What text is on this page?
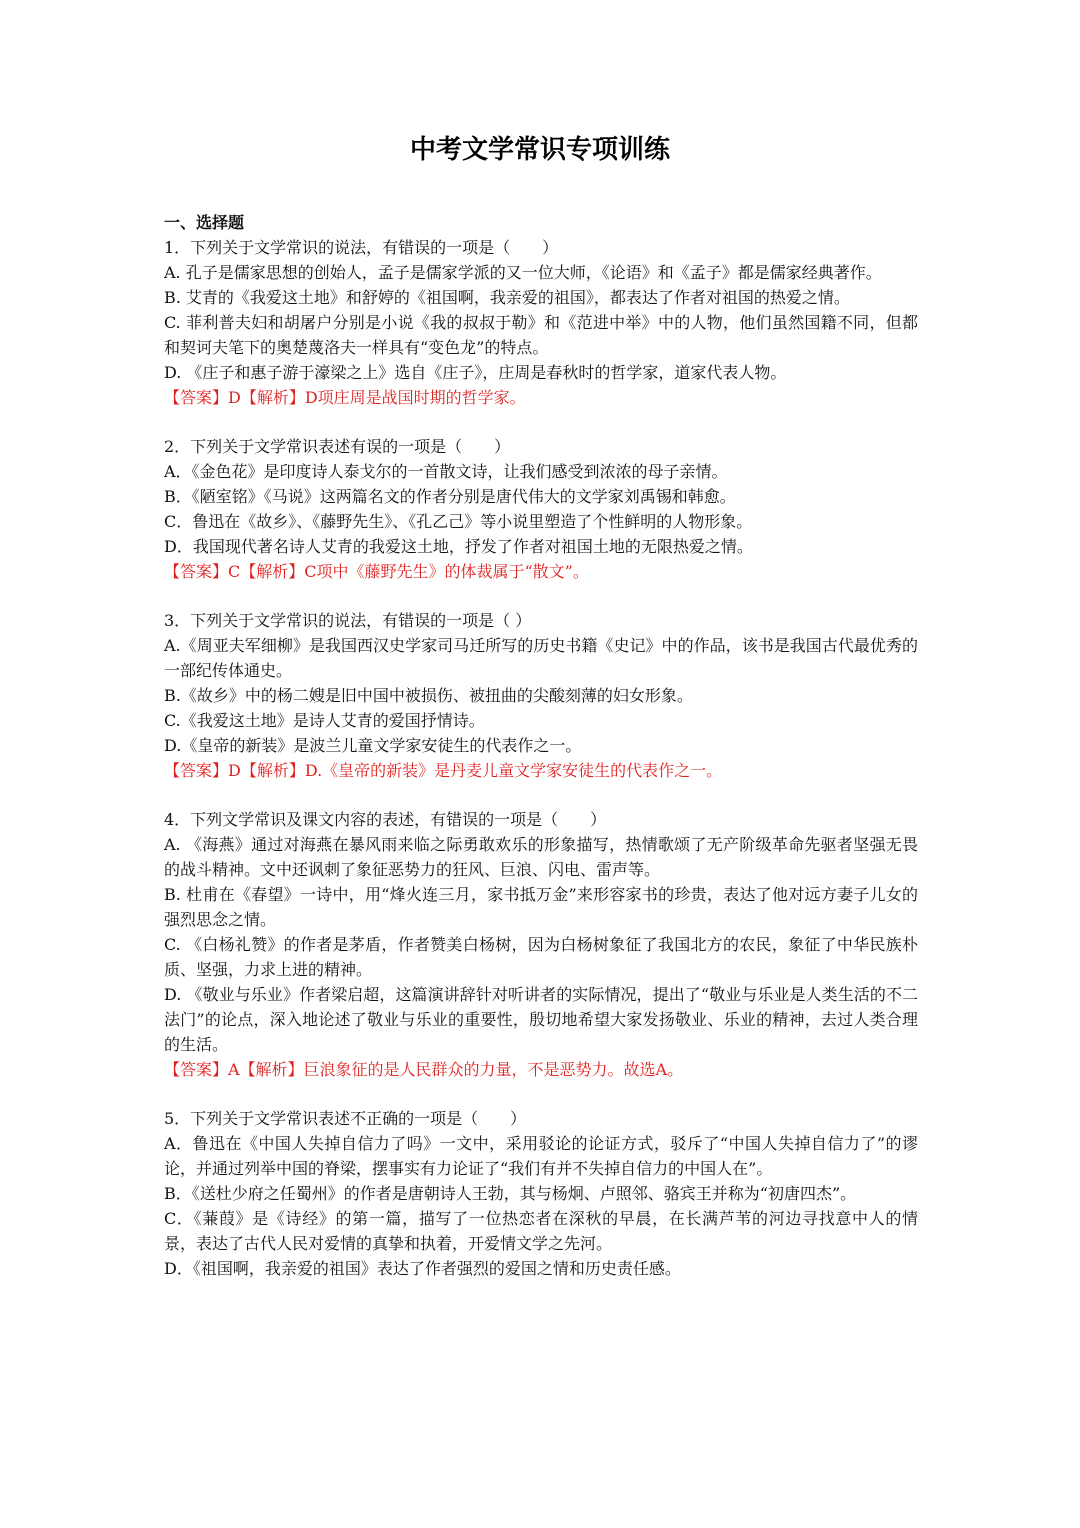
中考文学常识专项训练
一、选择题
1．下列关于文学常识的说法，有错误的一项是（　　）
A. 孔子是儒家思想的创始人，孟子是儒家学派的又一位大师，《论语》和《孟子》都是儒家经典著作。
B. 艾青的《我爱这土地》和舒婷的《祖国啊，我亲爱的祖国》，都表达了作者对祖国的热爱之情。
C. 菲利普夫妇和胡屠户分别是小说《我的叔叔于勒》和《范进中举》中的人物，他们虽然国籍不同，但都和契诃夫笔下的奥楚蔑洛夫一样具有“变色龙”的特点。
D. 《庄子和惠子游于濠梁之上》选自《庄子》，庄周是春秋时的哲学家，道家代表人物。
【答案】D【解析】D项庄周是战国时期的哲学家。
2．下列关于文学常识表述有误的一项是（　　）
A．《金色花》是印度诗人泰戈尔的一首散文诗，让我们感受到浓浓的母子亲情。
B．《陋室铭》《马说》这两篇名文的作者分别是唐代伟大的文学家刘禹锡和韩愈。
C．鲁迅在《故乡》、《藤野先生》、《孔乙己》等小说里塑造了个性鲜明的人物形象。
D．我国现代著名诗人艾青的我爱这土地，抒发了作者对祖国土地的无限热爱之情。
【答案】C【解析】C项中《藤野先生》的体裁属于“散文”。
3．下列关于文学常识的说法，有错误的一项是（ ）
A.《周亚夫军细柳》是我国西汉史学家司马迁所写的历史书籍《史记》中的作品，该书是我国古代最优秀的一部纪传体通史。
B.《故乡》中的杨二嫂是旧中国中被损伤、被扭曲的尖酸刻薄的妇女形象。
C.《我爱这土地》是诗人艾青的爱国抒情诗。
D.《皇帝的新装》是波兰儿童文学家安徒生的代表作之一。
【答案】D【解析】D.《皇帝的新装》是丹麦儿童文学家安徒生的代表作之一。
4．下列文学常识及课文内容的表述，有错误的一项是（　　）
A. 《海燕》通过对海燕在暴风雨来临之际勇敢欢乐的形象描写，热情歌颂了无产阶级革命先驱者坚强无畏的战斗精神。文中还讽刺了象征恶势力的狂风、巨浪、闪电、雷声等。
B. 杜甫在《春望》一诗中，用“烽火连三月，家书抵万金”来形容家书的珍贵，表达了他对远方妻子儿女的强烈思念之情。
C. 《白杨礼赞》的作者是茅盾，作者赞美白杨树，因为白杨树象征了我国北方的农民，象征了中华民族朴质、坚强，力求上进的精神。
D. 《敬业与乐业》作者梁启超，这篇演讲辞针对听讲者的实际情况，提出了“敬业与乐业是人类生活的不二法门”的论点，深入地论述了敬业与乐业的重要性，殷切地希望大家发扬敬业、乐业的精神，去过人类合理的生活。
【答案】A【解析】巨浪象征的是人民群众的力量，不是恶势力。故选A。
5．下列关于文学常识表述不正确的一项是（　　）
A．鲁迅在《中国人失掉自信力了吗》一文中，采用驳论的论证方式，驳斥了“中国人失掉自信力了”的谬论，并通过列举中国的脊梁，摆事实有力论证了“我们有并不失掉自信力的中国人在”。
B．《送杜少府之任蜀州》的作者是唐朝诗人王勃，其与杨炯、卢照邻、骆宾王并称为“初唐四杰”。
C．《蒹葭》是《诗经》的第一篇，描写了一位热恋者在深秋的早晨，在长满芦苇的河边寻找意中人的情景，表达了古代人民对爱情的真挚和执着，开爱情文学之先河。
D．《祖国啊，我亲爱的祖国》表达了作者强烈的爱国之情和历史责任感。
